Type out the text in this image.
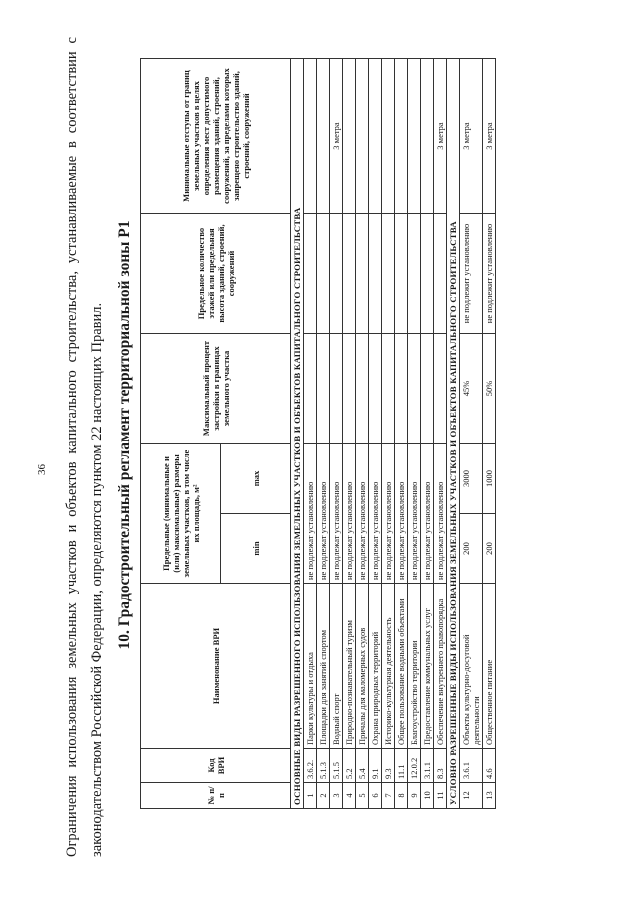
36 Ограничения использования земельных участков и объектов капитального строительства, устанавливаемые в соответствии с законодательством Российской Федерации, определяются пунктом 22 настоящих Правил. 10. Градостроительный регламент территориальной зоны Р1
№ п/п	Код ВРИ	Наименование ВРИ	Предельные (минимальные и (или) максимальные) размеры земельных участков, в том числе их площадь, м²		Максимальный процент застройки в границах земельного участка	Предельное количество этажей или предельная высота зданий, строений, сооружений	Минимальные отступы от границ земельных участков в целях определения мест допустимого размещения зданий, строений, сооружений, за пределами которых запрещено строительство зданий, строений, сооружений
			min	max			
ОСНОВНЫЕ ВИДЫ РАЗРЕШЕННОГО ИСПОЛЬЗОВАНИЯ ЗЕМЕЛЬНЫХ УЧАСТКОВ И ОБЪЕКТОВ КАПИТАЛЬНОГО СТРОИТЕЛЬСТВА							
1	3.6.2.	Парки культуры и отдыха	не подлежат установлению				
2	5.1.3	Площадки для занятий спортом	не подлежат установлению				
3	5.1.5	Водный спорт	не подлежат установлению				3 метра
4	5.2	Природно-познавательный туризм	не подлежат установлению				
5	5.4	Причалы для маломерных судов	не подлежат установлению				
6	9.1	Охрана природных территорий	не подлежат установлению				
7	9.3	Историко-культурная деятельность	не подлежат установлению				
8	11.1	Общее пользование водными объектами	не подлежат установлению				
9	12.0.2	Благоустройство территории	не подлежат установлению				
10	3.1.1	Предоставление коммунальных услуг	не подлежат установлению				
11	8.3	Обеспечение внутреннего правопорядка	не подлежат установлению				3 метра
УСЛОВНО РАЗРЕШЕННЫЕ ВИДЫ ИСПОЛЬЗОВАНИЯ ЗЕМЕЛЬНЫХ УЧАСТКОВ И ОБЪЕКТОВ КАПИТАЛЬНОГО СТРОИТЕЛЬСТВА							
12	3.6.1	Объекты культурно-досуговой деятельности	200	3000	45%	не подлежит установлению	3 метра
13	4.6	Общественное питание	200	1000	50%	не подлежит установлению	3 метра
